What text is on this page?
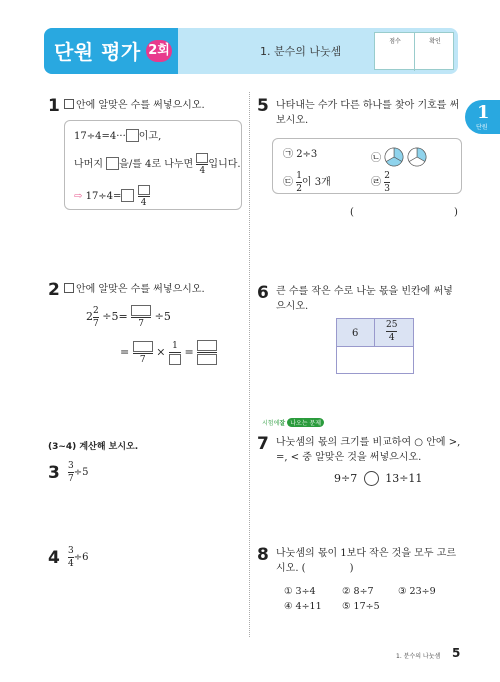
단원 평가 2회	1. 분수의 나눗셈
점수	확인
1
단원
1	안에 알맞은 수를 써넣으시오.
17÷4=4··· 이고,
나머지 을/를 4로 나누면
4
입니다.
⇨ 17÷4=
4
2	안에 알맞은 수를 써넣으시오.
$2 \frac{2}{7} \div 5=$
7
÷5
=
7
× 1 =
(3~4) 계산해 보시오.
$3 \frac{3}{7} \div 5$
$4 \frac{3}{4} \div 6$
5 나타내는 수가 다른 하나를 찾아 기호를 써
보시오.
㉠ 2÷3	㉡
㉢ $\frac{1}{2}$ 이 3개	㉣ $\frac{2}{3}$
(	)
6 큰 수를 작은 수로 나눈 몫을 빈칸에 써넣
으시오.
6	$\frac{25}{4}$
시험에잘 나오는 문제
7 나눗셈의 몫의 크기를 비교하여 ○ 안에 >,
=, < 중 알맞은 것을 써넣으시오.
9÷7	13÷11
8 나눗셈의 몫이 1보다 작은 것을 모두 고르
시오. (	)
① 3÷4	② 8÷7	③ 23÷9
④ 4÷11 ⑤ 17÷5
1. 분수의 나눗셈 5
